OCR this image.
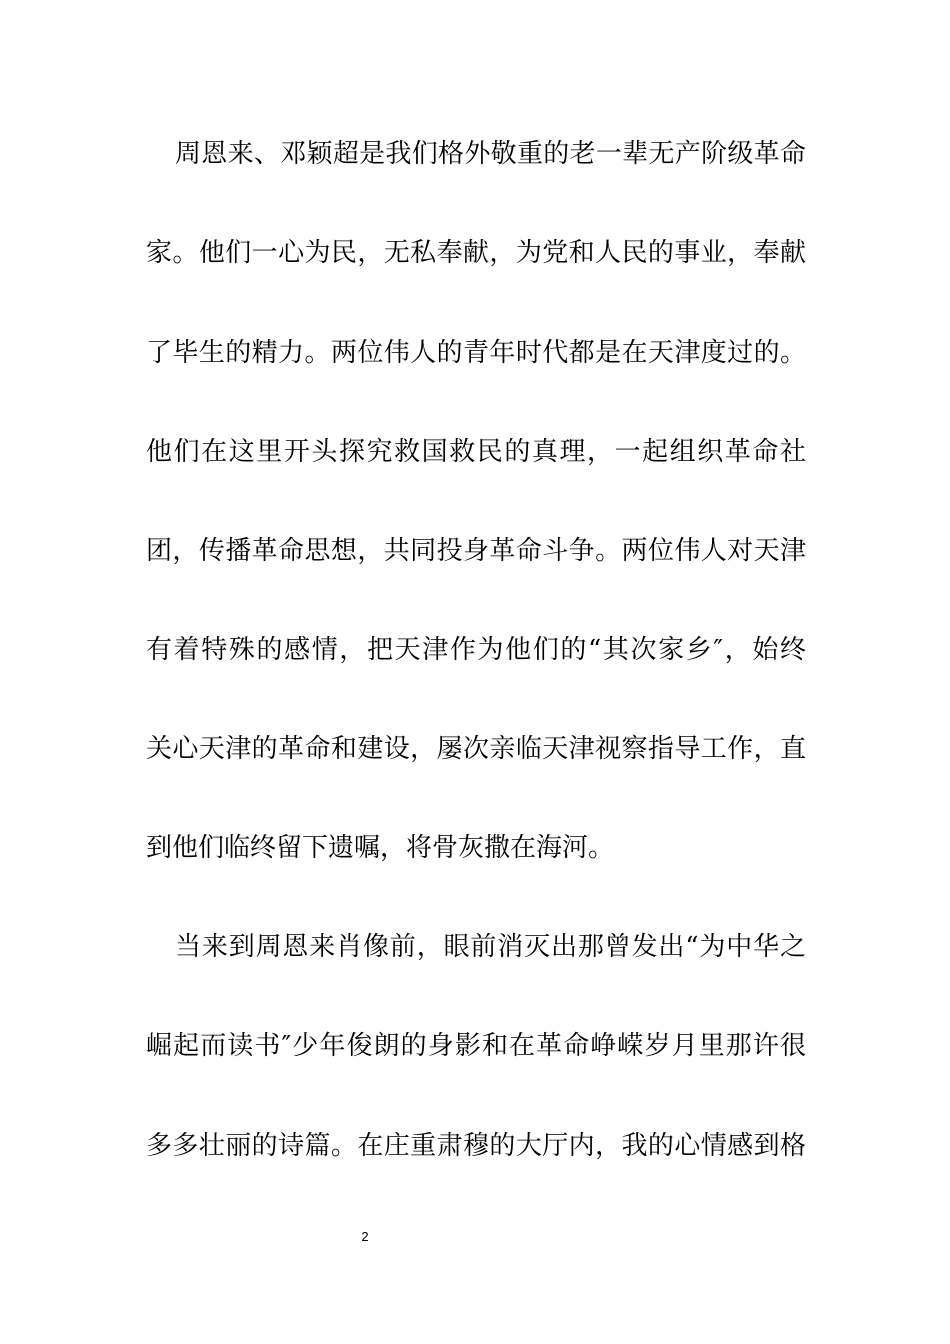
周恩来、邓颖超是我们格外敬重的老一辈无产阶级革命
家。他们一心为民，无私奉献，为党和人民的事业，奉献
了毕生的精力。两位伟人的青年时代都是在天津度过的。
他们在这里开头探究救国救民的真理，一起组织革命社
团，传播革命思想，共同投身革命斗争。两位伟人对天津
有着特殊的感情，把天津作为他们的“其次家乡″，始终
关心天津的革命和建设，屡次亲临天津视察指导工作，直
到他们临终留下遗嘱，将骨灰撒在海河。
当来到周恩来肖像前，眼前消灭出那曾发出“为中华之
崛起而读书″少年俊朗的身影和在革命峥嵘岁月里那许很
多多壮丽的诗篇。在庄重肃穆的大厅内，我的心情感到格
2
